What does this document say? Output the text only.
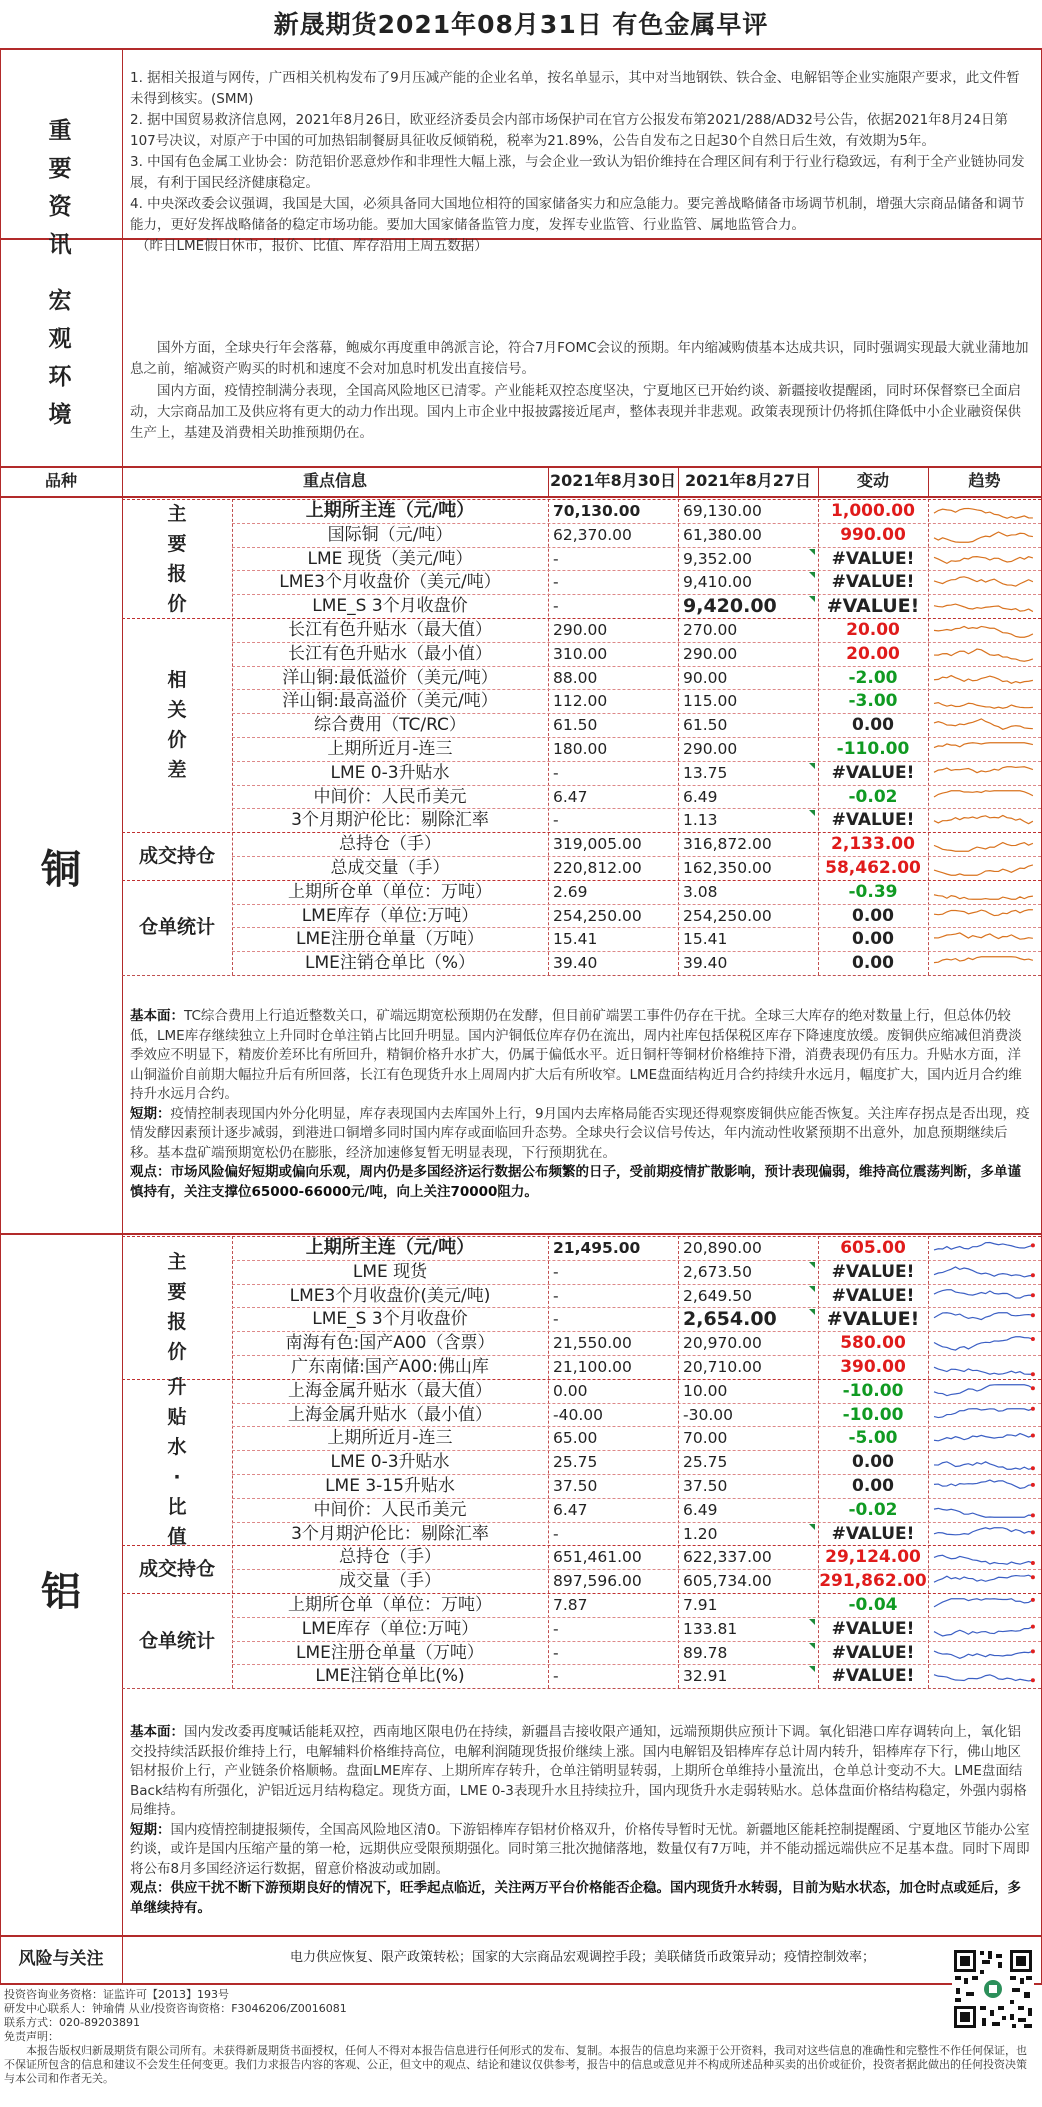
新晟期货2021年08月31日 有色金属早评
重
要
资
讯

1. 据相关报道与网传，广西相关机构发布了9月压减产能的企业名单，按名单显示，其中对当地钢铁、铁合金、电解铝等企业实施限产要求，此文件暂未得到核实。(SMM)

2. 据中国贸易救济信息网，2021年8月26日，欧亚经济委员会内部市场保护司在官方公报发布第2021/288/AD32号公告，依据2021年8月24日第107号决议，对原产于中国的可加热铝制餐厨具征收反倾销税，税率为21.89%，公告自发布之日起30个自然日后生效，有效期为5年。

3. 中国有色金属工业协会：防范铝价恶意炒作和非理性大幅上涨，与会企业一致认为铝价维持在合理区间有利于行业行稳致远，有利于全产业链协同发展，有利于国民经济健康稳定。

4. 中央深改委会议强调，我国是大国，必须具备同大国地位相符的国家储备实力和应急能力。要完善战略储备市场调节机制，增强大宗商品储备和调节能力，更好发挥战略储备的稳定市场功能。要加大国家储备监管力度，发挥专业监管、行业监管、属地监管合力。

（昨日LME假日休市，报价、比值、库存沿用上周五数据）

宏
观
环
境
国外方面，全球央行年会落幕，鲍威尔再度重申鸽派言论，符合7月FOMC会议的预期。年内缩减购债基本达成共识，同时强调实现最大就业蒲地加息之前，缩减资产购买的时机和速度不会对加息时机发出直接信号。
国内方面，疫情控制满分表现，全国高风险地区已清零。产业能耗双控态度坚决，宁夏地区已开始约谈、新疆接收提醒函，同时环保督察已全面启动，大宗商品加工及供应将有更大的动力作出现。国内上市企业中报披露接近尾声，整体表现并非悲观。政策表现预计仍将抓住降低中小企业融资保供生产上，基建及消费相关助推预期仍在。
品种	重点信息	2021年8月30日 2021年8月27日	变动	趋势
铜
铝
主
要
报
价
相
关
价
差
成交持仓
仓单统计
上期所主连（元/吨）	70,130.00	69,130.00	1,000.00
国际铜（元/吨）	62,370.00	61,380.00	990.00
LME 现货（美元/吨）	-	9,352.00	#VALUE!
LME3个月收盘价（美元/吨）	-	9,410.00	#VALUE!
LME_S 3个月收盘价	-	9,420.00	#VALUE!
长江有色升贴水（最大值）	290.00	270.00	20.00
长江有色升贴水（最小值）	310.00	290.00	20.00
洋山铜:最低溢价（美元/吨）	88.00	90.00	-2.00
洋山铜:最高溢价（美元/吨）	112.00	115.00	-3.00
综合费用（TC/RC）	61.50	61.50	0.00
上期所近月-连三	180.00	290.00	-110.00
LME 0-3升贴水	-	13.75	#VALUE!
中间价：人民币美元	6.47	6.49	-0.02
3个月期沪伦比：剔除汇率	-	1.13	#VALUE!
总持仓（手）	319,005.00	316,872.00	2,133.00
总成交量（手）	220,812.00	162,350.00	58,462.00
上期所仓单（单位：万吨）	2.69	3.08	-0.39
LME库存（单位:万吨）	254,250.00	254,250.00	0.00
LME注册仓单量（万吨）	15.41	15.41	0.00
LME注销仓单比（%）	39.40	39.40	0.00
主
要
报
价
升
贴
水
·
比
值
成交持仓
仓单统计
上期所主连（元/吨）	21,495.00	20,890.00	605.00
LME 现货	-	2,673.50	#VALUE!
LME3个月收盘价(美元/吨)	-	2,649.50	#VALUE!
LME_S 3个月收盘价	-	2,654.00	#VALUE!
南海有色:国产A00（含票）	21,550.00	20,970.00	580.00
广东南储:国产A00:佛山库	21,100.00	20,710.00	390.00
上海金属升贴水（最大值）	0.00	10.00	-10.00
上海金属升贴水（最小值）	-40.00	-30.00	-10.00
上期所近月-连三	65.00	70.00	-5.00
LME 0-3升贴水	25.75	25.75	0.00
LME 3-15升贴水	37.50	37.50	0.00
中间价：人民币美元	6.47	6.49	-0.02
3个月期沪伦比：剔除汇率	-	1.20	#VALUE!
总持仓（手）	651,461.00	622,337.00	29,124.00
成交量（手）	897,596.00	605,734.00	291,862.00
上期所仓单（单位：万吨）	7.87	7.91	-0.04
LME库存（单位:万吨）	-	133.81	#VALUE!
LME注册仓单量（万吨）	-	89.78	#VALUE!
LME注销仓单比(%)	-	32.91	#VALUE!

基本面：TC综合费用上行追近整数关口，矿端远期宽松预期仍在发酵，但目前矿端罢工事件仍存在干扰。全球三大库存的绝对数量上行，但总体仍较低，LME库存继续独立上升同时仓单注销占比回升明显。国内沪铜低位库存仍在流出，周内社库包括保税区库存下降速度放缓。废铜供应缩减但消费淡季效应不明显下，精废价差环比有所回升，精铜价格升水扩大，仍属于偏低水平。近日铜杆等铜材价格维持下滑，消费表现仍有压力。升贴水方面，洋山铜溢价自前期大幅拉升后有所回落，长江有色现货升水上周周内扩大后有所收窄。LME盘面结构近月合约持续升水远月，幅度扩大，国内近月合约维持升水远月合约。

短期：疫情控制表现国内外分化明显，库存表现国内去库国外上行，9月国内去库格局能否实现还得观察废铜供应能否恢复。关注库存拐点是否出现，疫情发酵因素预计逐步减弱，到港进口铜增多同时国内库存或面临回升态势。全球央行会议信号传达，年内流动性收紧预期不出意外，加息预期继续后移。基本盘矿端预期宽松仍在膨胀，经济加速修复暂无明显表现，下行预期犹在。

观点：市场风险偏好短期或偏向乐观，周内仍是多国经济运行数据公布频繁的日子，受前期疫情扩散影响，预计表现偏弱，维持高位震荡判断，多单谨慎持有，关注支撑位65000-66000元/吨，向上关注70000阻力。

基本面：国内发改委再度喊话能耗双控，西南地区限电仍在持续，新疆昌吉接收限产通知，远端预期供应预计下调。氧化铝港口库存调转向上，氧化铝交投持续活跃报价维持上行，电解辅料价格维持高位，电解利润随现货报价继续上涨。国内电解铝及铝棒库存总计周内转升，铝棒库存下行，佛山地区铝材报价上行，产业链条价格顺畅。盘面LME库存、上期所库存转升，仓单注销明显转弱，上期所仓单维持小量流出，仓单总计变动不大。LME盘面结Back结构有所强化，沪铝近远月结构稳定。现货方面，LME 0-3表现升水且持续拉升，国内现货升水走弱转贴水。总体盘面价格结构稳定，外强内弱格局维持。

短期：国内疫情控制捷报频传，全国高风险地区清0。下游铝棒库存铝材价格双升，价格传导暂时无忧。新疆地区能耗控制提醒函、宁夏地区节能办公室约谈，或许是国内压缩产量的第一枪，远期供应受限预期强化。同时第三批次抛储落地，数量仅有7万吨，并不能动摇远端供应不足基本盘。同时下周即将公布8月多国经济运行数据，留意价格波动或加剧。

观点：供应干扰不断下游预期良好的情况下，旺季起点临近，关注两万平台价格能否企稳。国内现货升水转弱，目前为贴水状态，加仓时点或延后，多单继续持有。

风险与关注	电力供应恢复、限产政策转松；国家的大宗商品宏观调控手段；美联储货币政策异动；疫情控制效率；

投资咨询业务资格：证监许可【2013】193号

研发中心联系人：钟瑜倩 从业/投资咨询资格：F3046206/Z0016081

联系方式：020-89203891

免责声明：

本报告版权归新晟期货有限公司所有。未获得新晟期货书面授权，任何人不得对本报告信息进行任何形式的发布、复制。本报告的信息均来源于公开资料，我司对这些信息的准确性和完整性不作任何保证，也不保证所包含的信息和建议不会发生任何变更。我们力求报告内容的客观、公正，但文中的观点、结论和建议仅供参考，报告中的信息或意见并不构成所述品种买卖的出价或征价，投资者据此做出的任何投资决策与本公司和作者无关。
